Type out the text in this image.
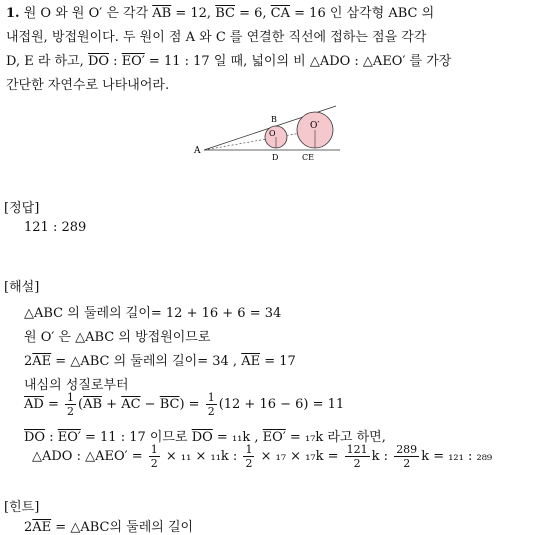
1. 원 O 와 원 O′ 은 각각 $\overline{AB} = 12$, $\overline{BC} = 6$, $\overline{CA} = 16$ 인 삼각형 ABC 의
내접원, 방접원이다. 두 원이 점 A 와 C 를 연결한 직선에 접하는 점을 각각
D, E 라 하고, $\overline{DO}$ : EO′ = 11 : 17 일 때, 넓이의 비 △ADO : △AEO′ 를 가장
간단한 자연수로 나타내어라.
A
B
O
O′
D	CE
[정답]
121 : 289
[해설]
△ABC 의 둘레의 길이= 12 + 16 + 6 = 34
원 O′ 은 △ABC 의 방접원이므로
$2\overline{AE}$ = △ABC 의 둘레의 길이= 34 , $\overline{AE} = 17$
내심의 성질로부터
$\overline{AD} = \frac{1}{2} (\overline{AB} + \overline{AC} - \overline{BC}) = \frac{1}{2} (12 + 16 - 6) = 11$
$\overline{DO}$ : EO′ = 11 : 17 이므로 $\overline{DO} = _{11}k$ , EO′ = ₁₇k 라고 하면,
△ADO : △AEO′ = $\frac{1}{2} \times _{11} \times _{11}k$ : $\frac{1}{2} \times _{17} \times _{17}k = \frac{121}{2}$ k : $\frac{289}{2}$ k = ₁₂₁ : ₂₈₉
[힌트]
$2\overline{AE}$ = △ABC의 둘레의 길이
